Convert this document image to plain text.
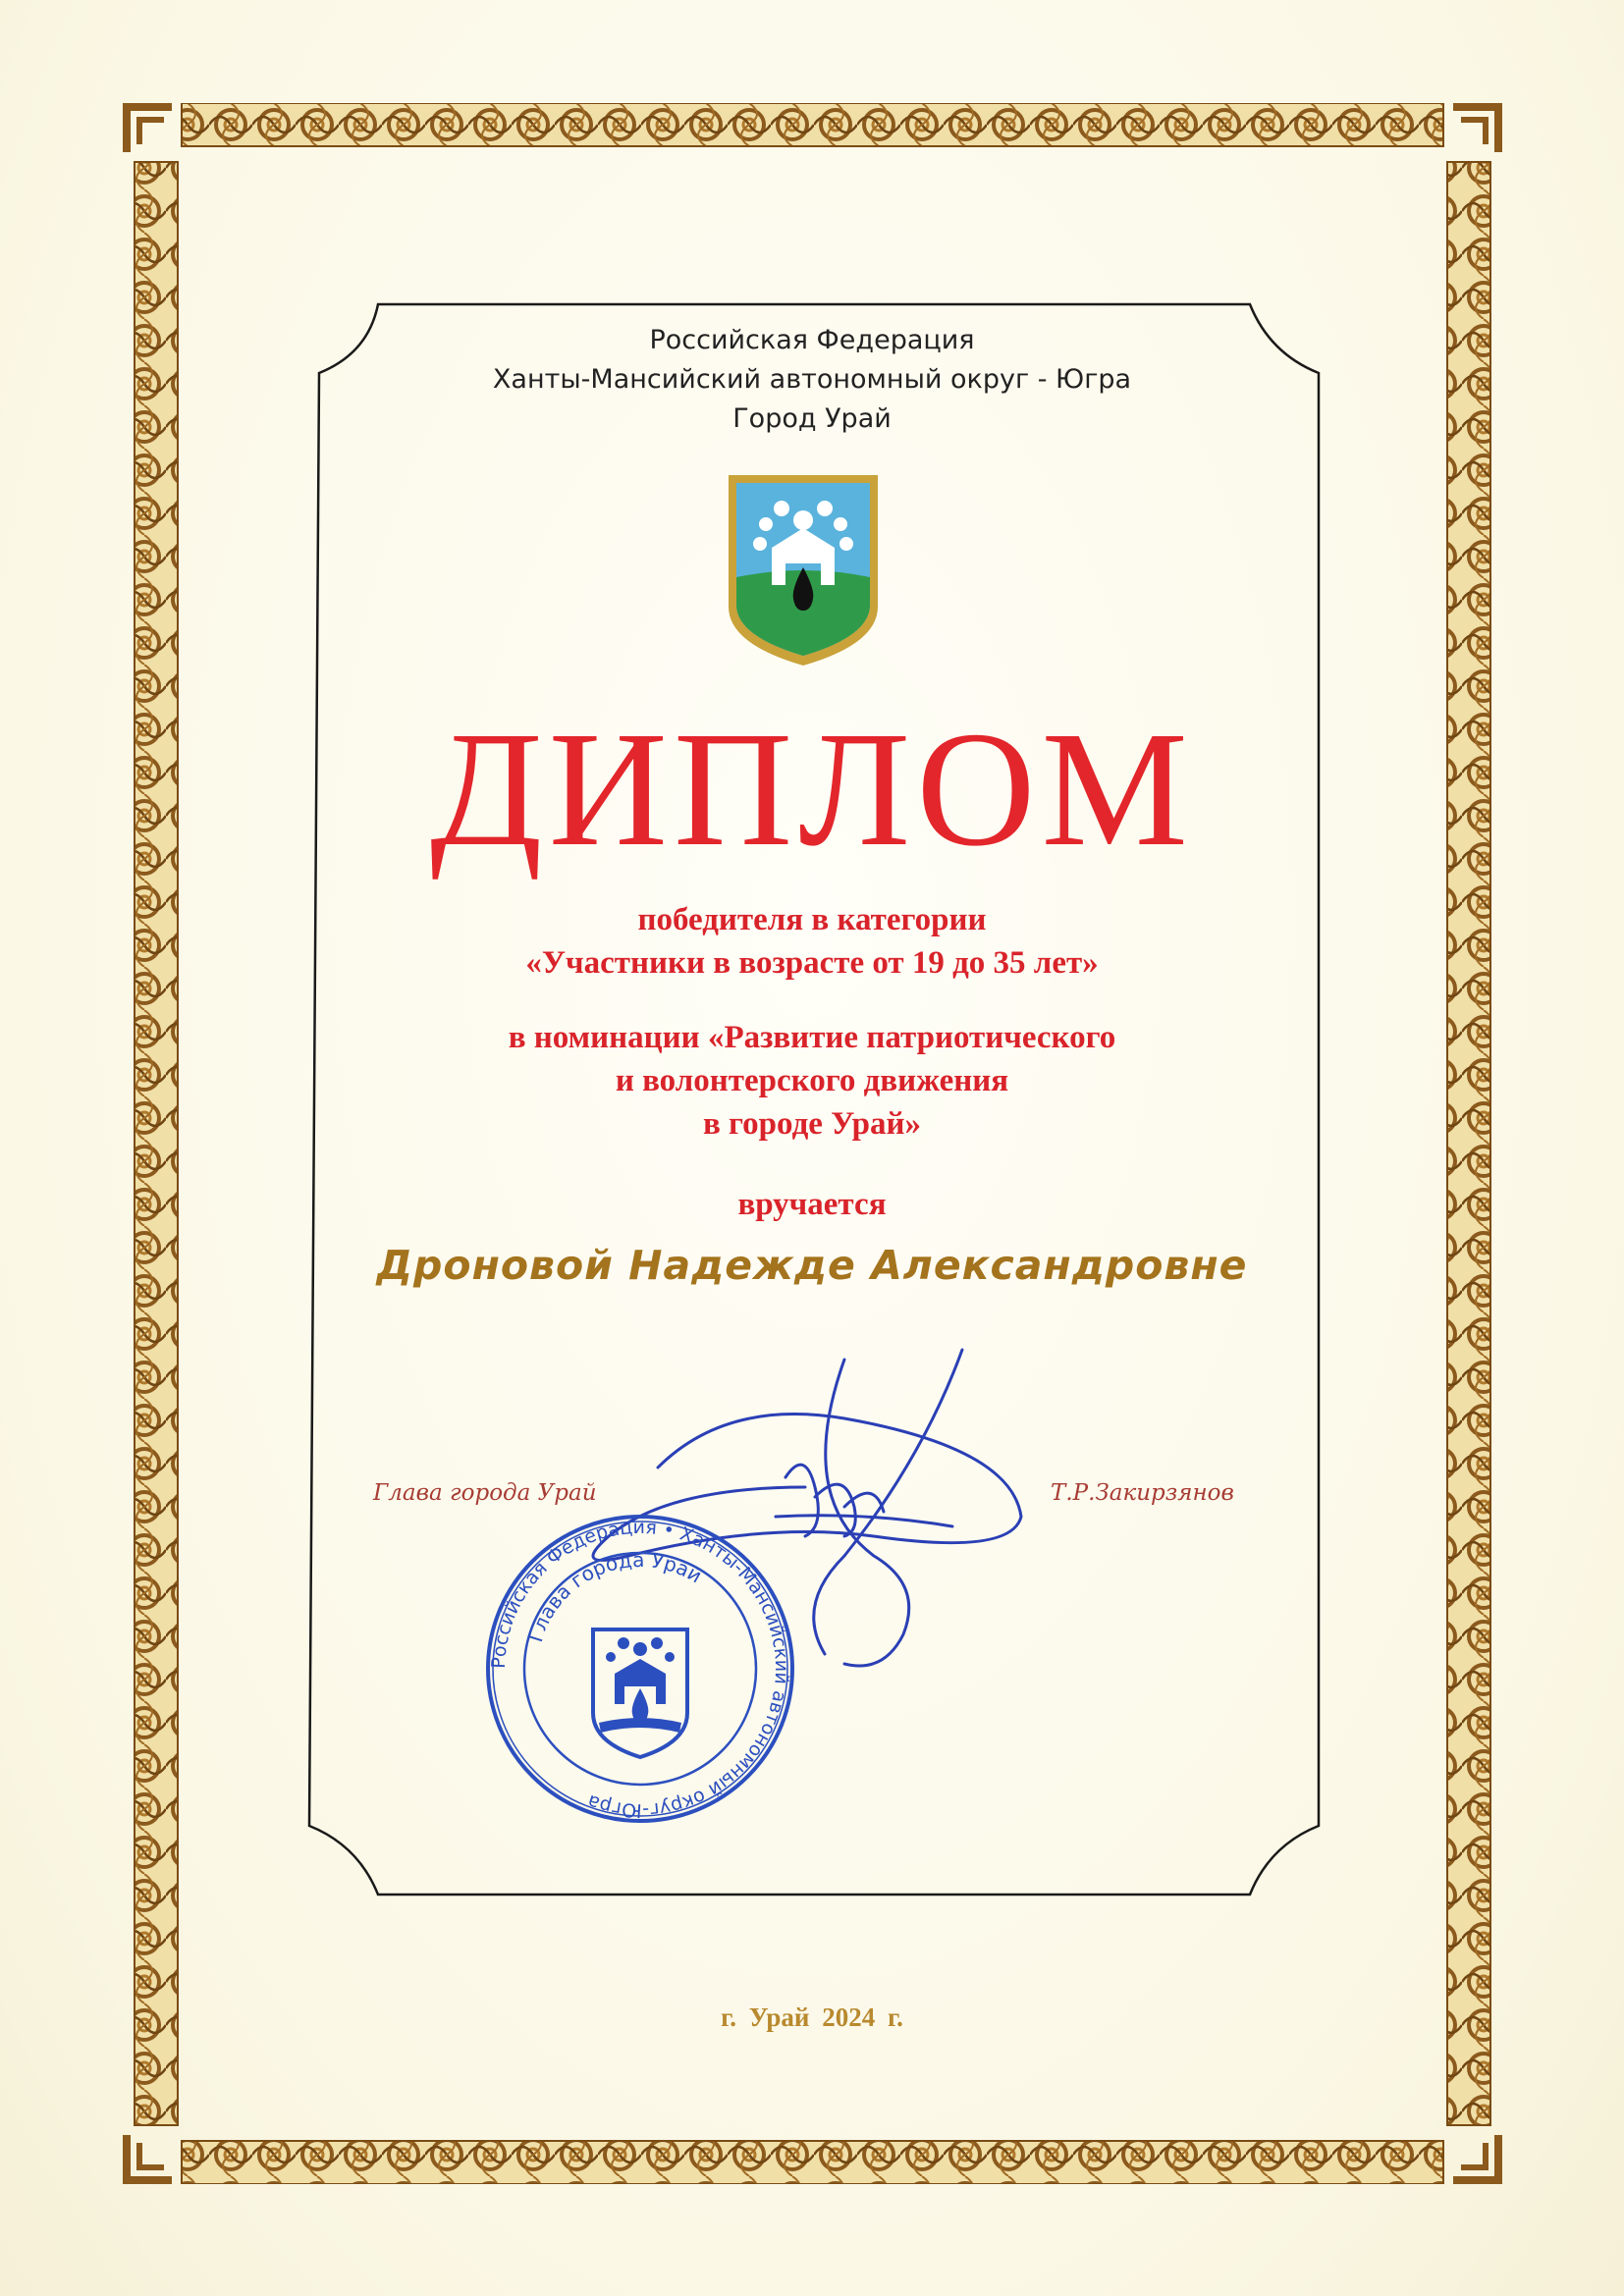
Российская Федерация
Ханты-Мансийский автономный округ - Югра
Город Урай
ДИПЛОМ
победителя в категории
«Участники в возрасте от 19 до 35 лет»
в номинации «Развитие патриотического
и волонтерского движения
в городе Урай»
вручается
Дроновой Надежде Александровне
Глава города Урай	Т.Р.Закирзянов
Российская Федерация • Ханты-Мансийский автономный округ-Югра
Глава города Урай
г. Урай 2024 г.
